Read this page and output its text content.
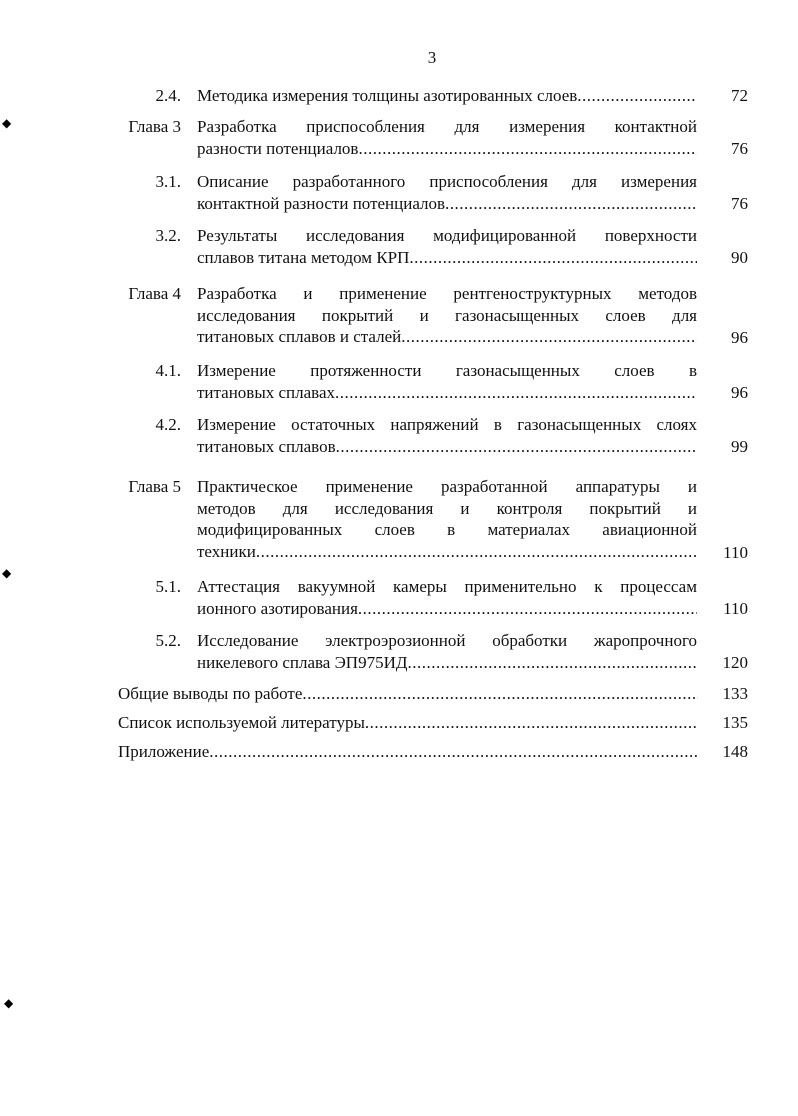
3
2.4. Методика измерения толщины азотированных слоев .....	72
Глава 3 Разработка приспособления для измерения контактной
разности потенциалов .....	76
3.1. Описание разработанного приспособления для измерения
контактной разности потенциалов .....	76
3.2. Результаты исследования модифицированной поверхности
сплавов титана методом КРП .....	90
Глава 4 Разработка и применение рентгеноструктурных методов
исследования покрытий и газонасыщенных слоев для
титановых сплавов и сталей .....	96
4.1. Измерение протяженности газонасыщенных слоев в
титановых сплавах .....	96
4.2. Измерение остаточных напряжений в газонасыщенных слоях
титановых сплавов .....	99
Глава 5 Практическое применение разработанной аппаратуры и
методов для исследования и контроля покрытий и
модифицированных слоев в материалах авиационной
техники .....	110
5.1. Аттестация вакуумной камеры применительно к процессам
ионного азотирования .....	110
5.2. Исследование электроэрозионной обработки жаропрочного
никелевого сплава ЭП975ИД .....	120
Общие выводы по работе .....	133
Список используемой литературы .....	135
Приложение .....	148
◆
◆
◆
